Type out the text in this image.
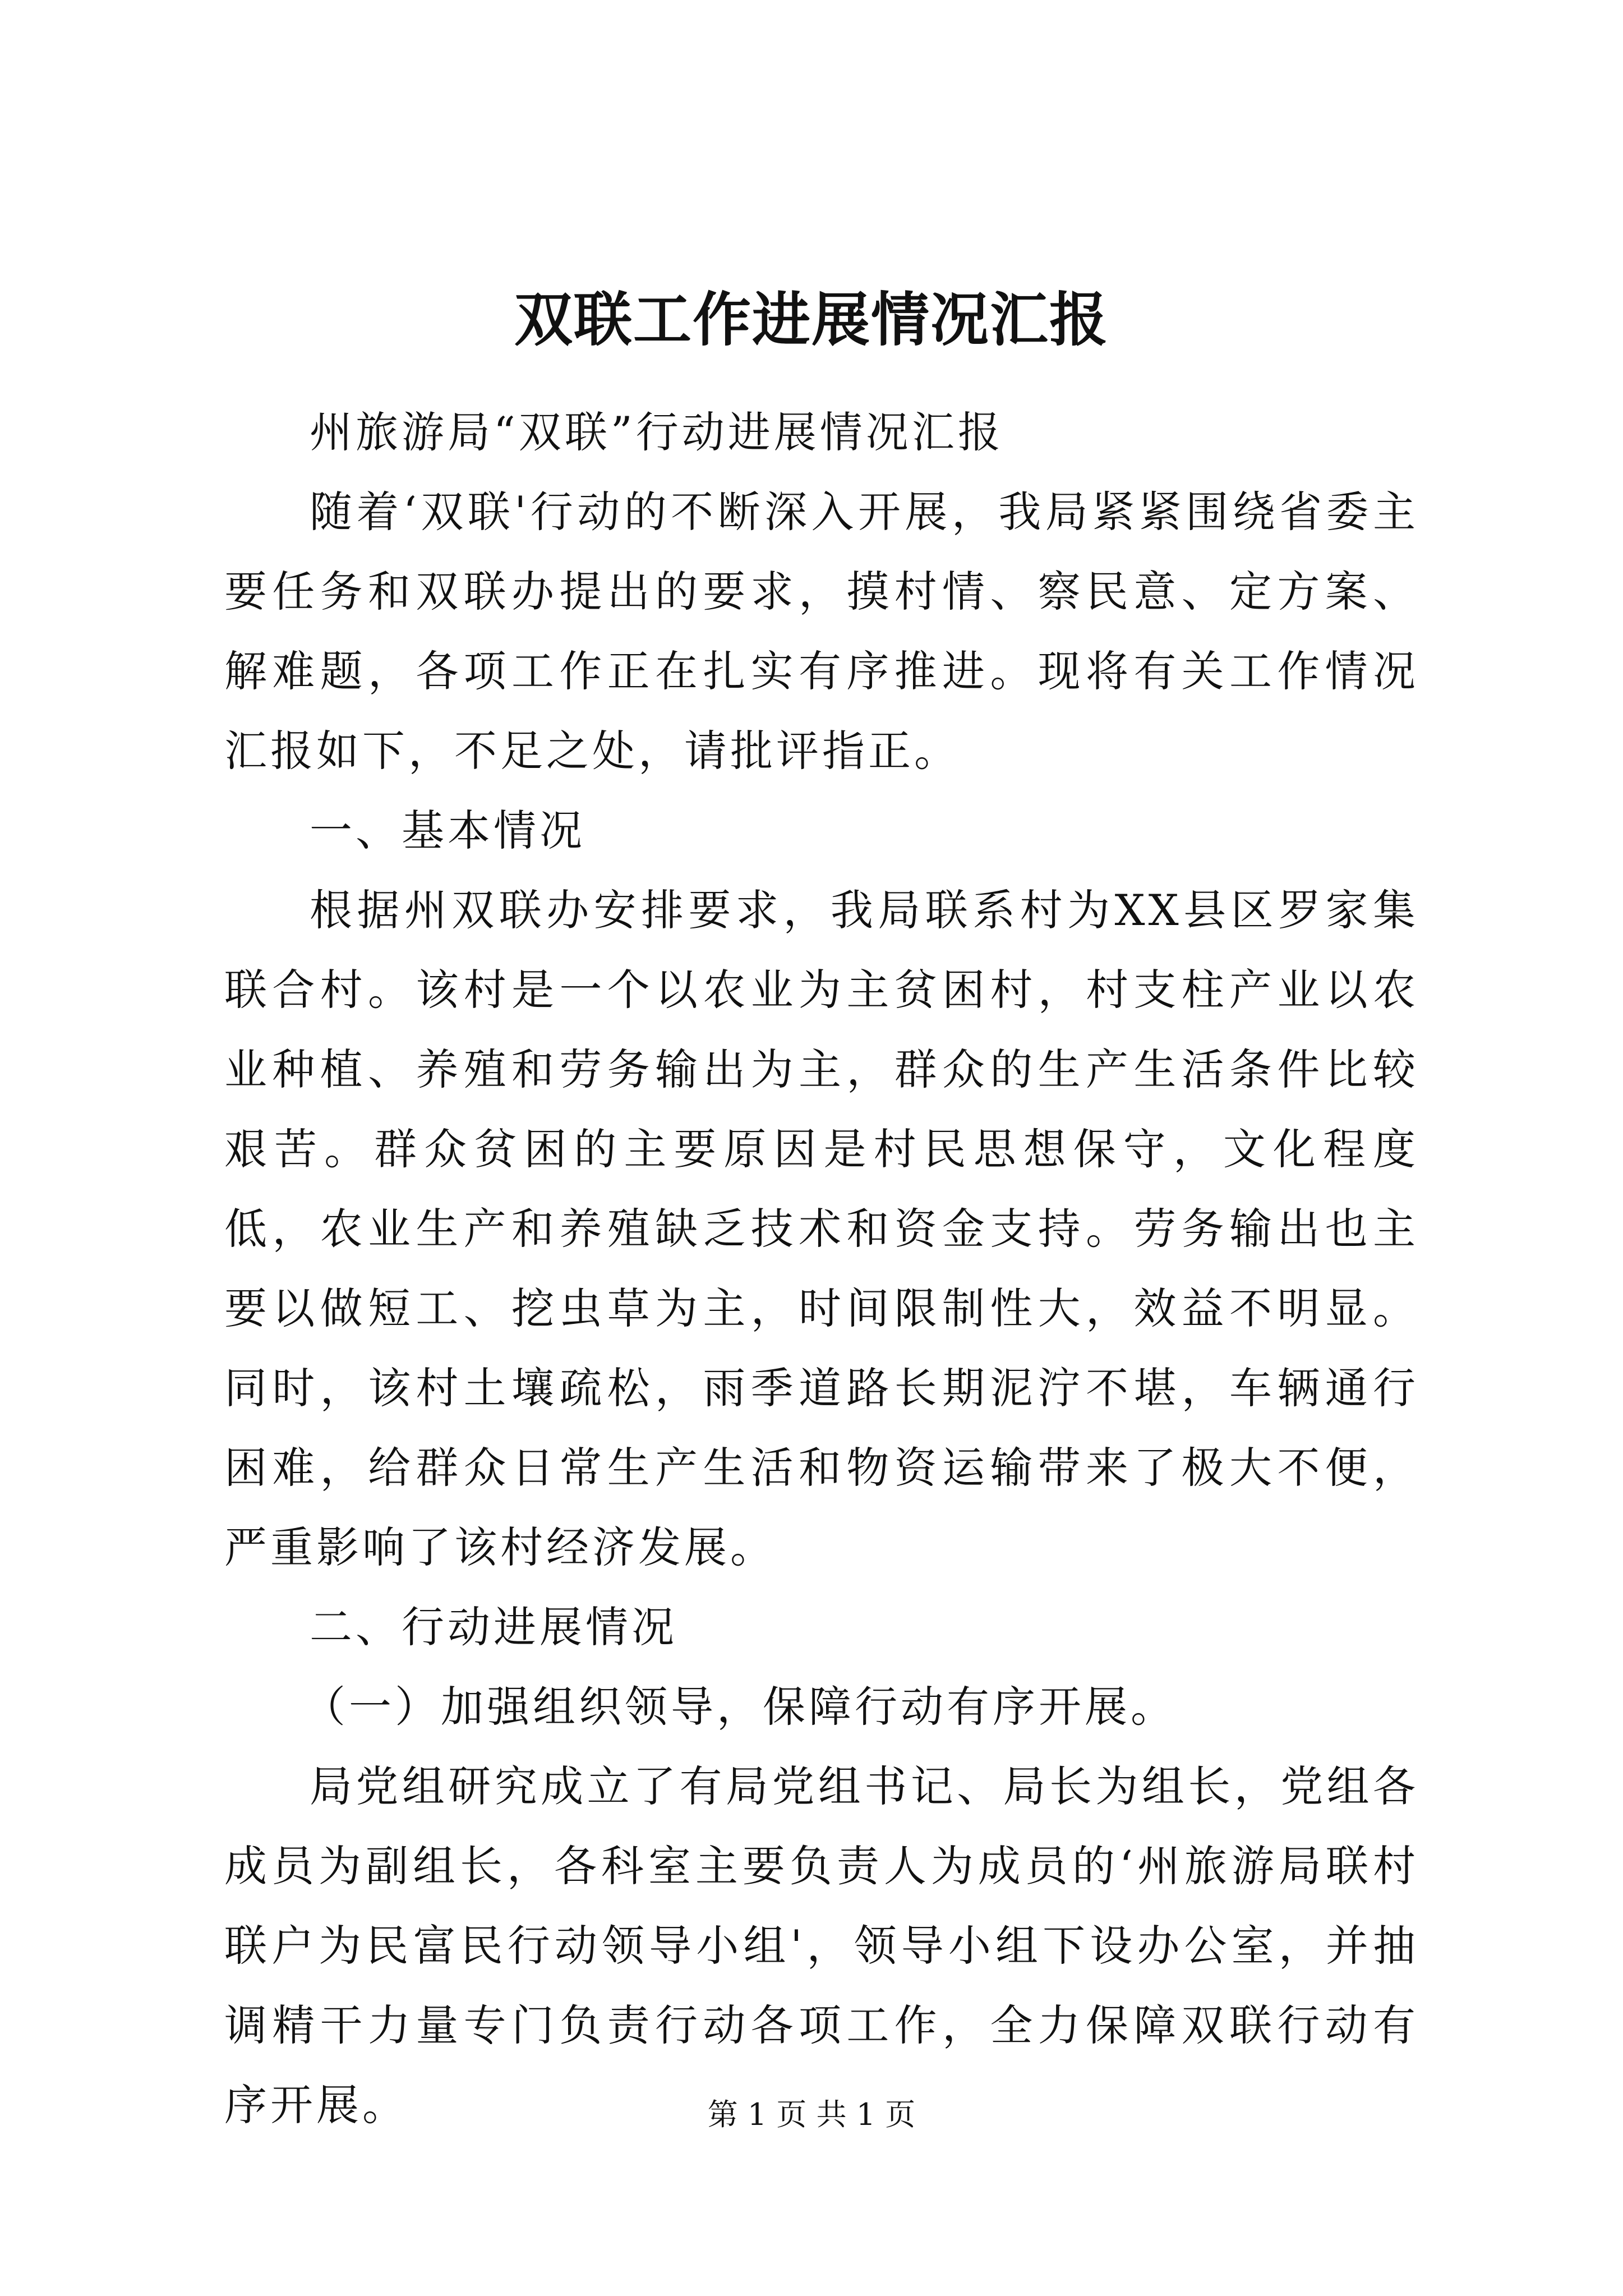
双联工作进展情况汇报

州旅游局“双联”行动进展情况汇报

随着‘双联'行动的不断深入开展，我局紧紧围绕省委主要任务和双联办提出的要求，摸村情、察民意、定方案、解难题，各项工作正在扎实有序推进。现将有关工作情况汇报如下，不足之处，请批评指正。

一、基本情况

根据州双联办安排要求，我局联系村为XX县区罗家集联合村。该村是一个以农业为主贫困村，村支柱产业以农业种植、养殖和劳务输出为主，群众的生产生活条件比较艰苦。群众贫困的主要原因是村民思想保守，文化程度低，农业生产和养殖缺乏技术和资金支持。劳务输出也主要以做短工、挖虫草为主，时间限制性大，效益不明显。同时，该村土壤疏松，雨季道路长期泥泞不堪，车辆通行困难，给群众日常生产生活和物资运输带来了极大不便，严重影响了该村经济发展。

二、行动进展情况

（一）加强组织领导，保障行动有序开展。

局党组研究成立了有局党组书记、局长为组长，党组各成员为副组长，各科室主要负责人为成员的‘州旅游局联村联户为民富民行动领导小组'，领导小组下设办公室，并抽调精干力量专门负责行动各项工作，全力保障双联行动有序开展。	第 1 页 共 1 页
